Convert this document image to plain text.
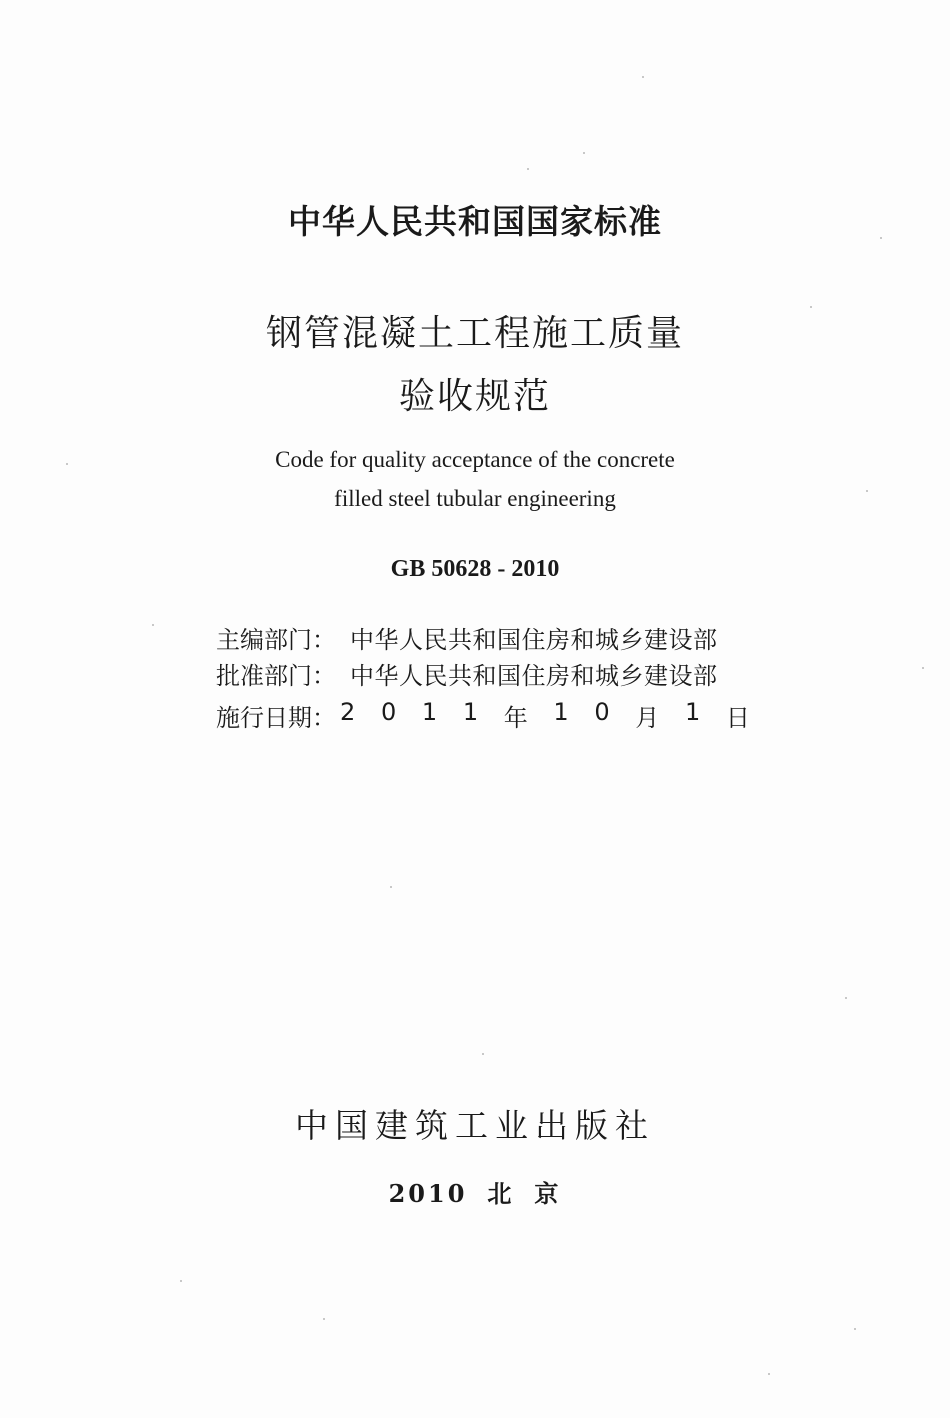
中华人民共和国国家标准
钢管混凝土工程施工质量
验收规范
Code for quality acceptance of the concrete
filled steel tubular engineering
GB 50628 - 2010
主编部门： 中华人民共和国住房和城乡建设部
批准部门： 中华人民共和国住房和城乡建设部
施行日期： 2 0 1 1 年 1 0 月 1 日
中国建筑工业出版社
2010 北 京
